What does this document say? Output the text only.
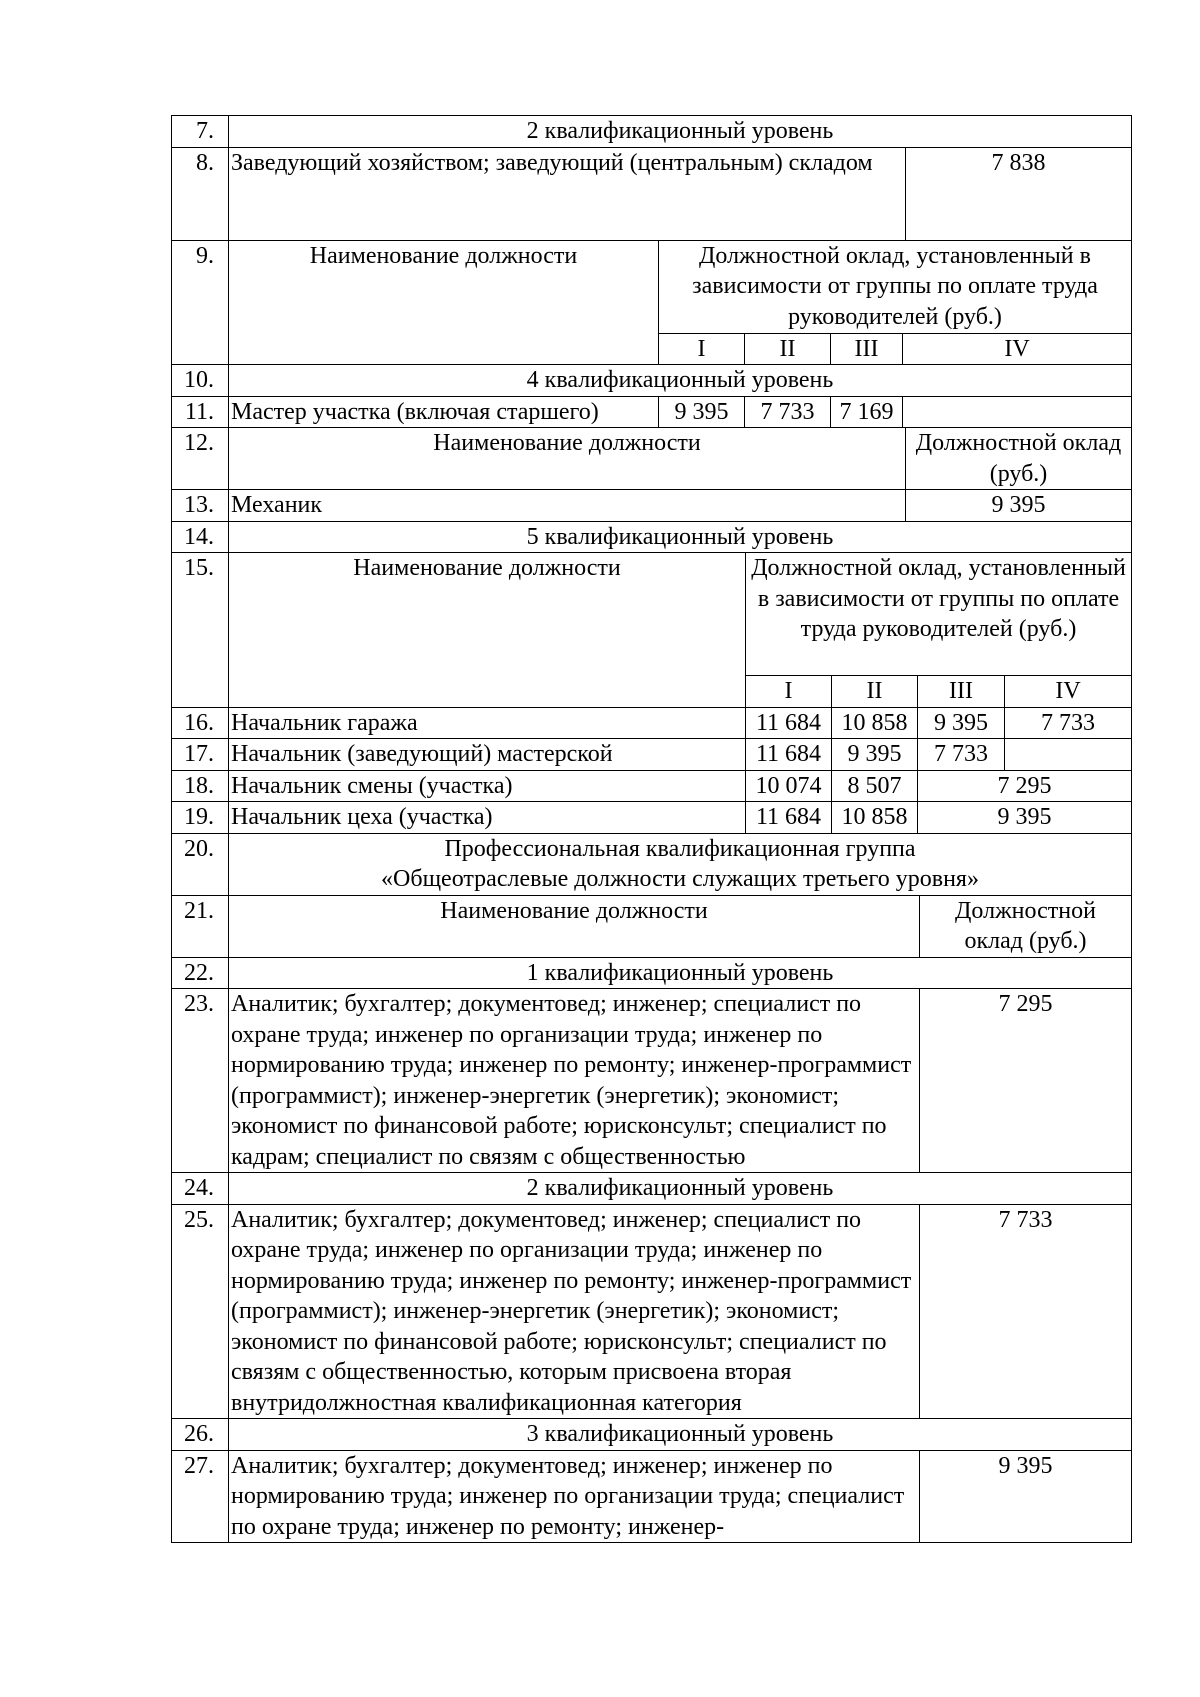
7.	2 квалификационный уровень	
8.	Заведующий хозяйством; заведующий (центральным) складом	7 838
9.	Наименование должности	Должностной оклад, установленный в зависимости от группы по оплате труда руководителей (руб.)			
		I	II	III	IV
10.	4 квалификационный уровень				
11.	Мастер участка (включая старшего)	9 395	7 733	7 169	
12.	Наименование должности	Должностной оклад (руб.)
13.	Механик	9 395
14.	5 квалификационный уровень	
15.	Наименование должности	Должностной оклад, установленный в зависимости от группы по оплате труда руководителей (руб.)			
		I	II	III	IV
16.	Начальник гаража	11 684	10 858	9 395	7 733
17.	Начальник (заведующий) мастерской	11 684	9 395	7 733	
18.	Начальник смены (участка)	10 074	8 507	7 295	
19.	Начальник цеха (участка)	11 684	10 858	9 395	
20.	Профессиональная квалификационная группа
«Общеотраслевые должности служащих третьего уровня»	
21.	Наименование должности	Должностной оклад (руб.)
22.	1 квалификационный уровень	
23.	Аналитик; бухгалтер; документовед; инженер; специалист по охране труда; инженер по организации труда; инженер по нормированию труда; инженер по ремонту; инженер-программист (программист); инженер-энергетик (энергетик); экономист; экономист по финансовой работе; юрисконсульт; специалист по кадрам; специалист по связям с общественностью	7 295
24.	2 квалификационный уровень	
25.	Аналитик; бухгалтер; документовед; инженер; специалист по охране труда; инженер по организации труда; инженер по нормированию труда; инженер по ремонту; инженер-программист (программист); инженер-энергетик (энергетик); экономист; экономист по финансовой работе; юрисконсульт; специалист по связям с общественностью, которым присвоена вторая внутридолжностная квалификационная категория	7 733
26.	3 квалификационный уровень	
27.	Аналитик; бухгалтер; документовед; инженер; инженер по нормированию труда; инженер по организации труда; специалист по охране труда; инженер по ремонту; инженер-	9 395
